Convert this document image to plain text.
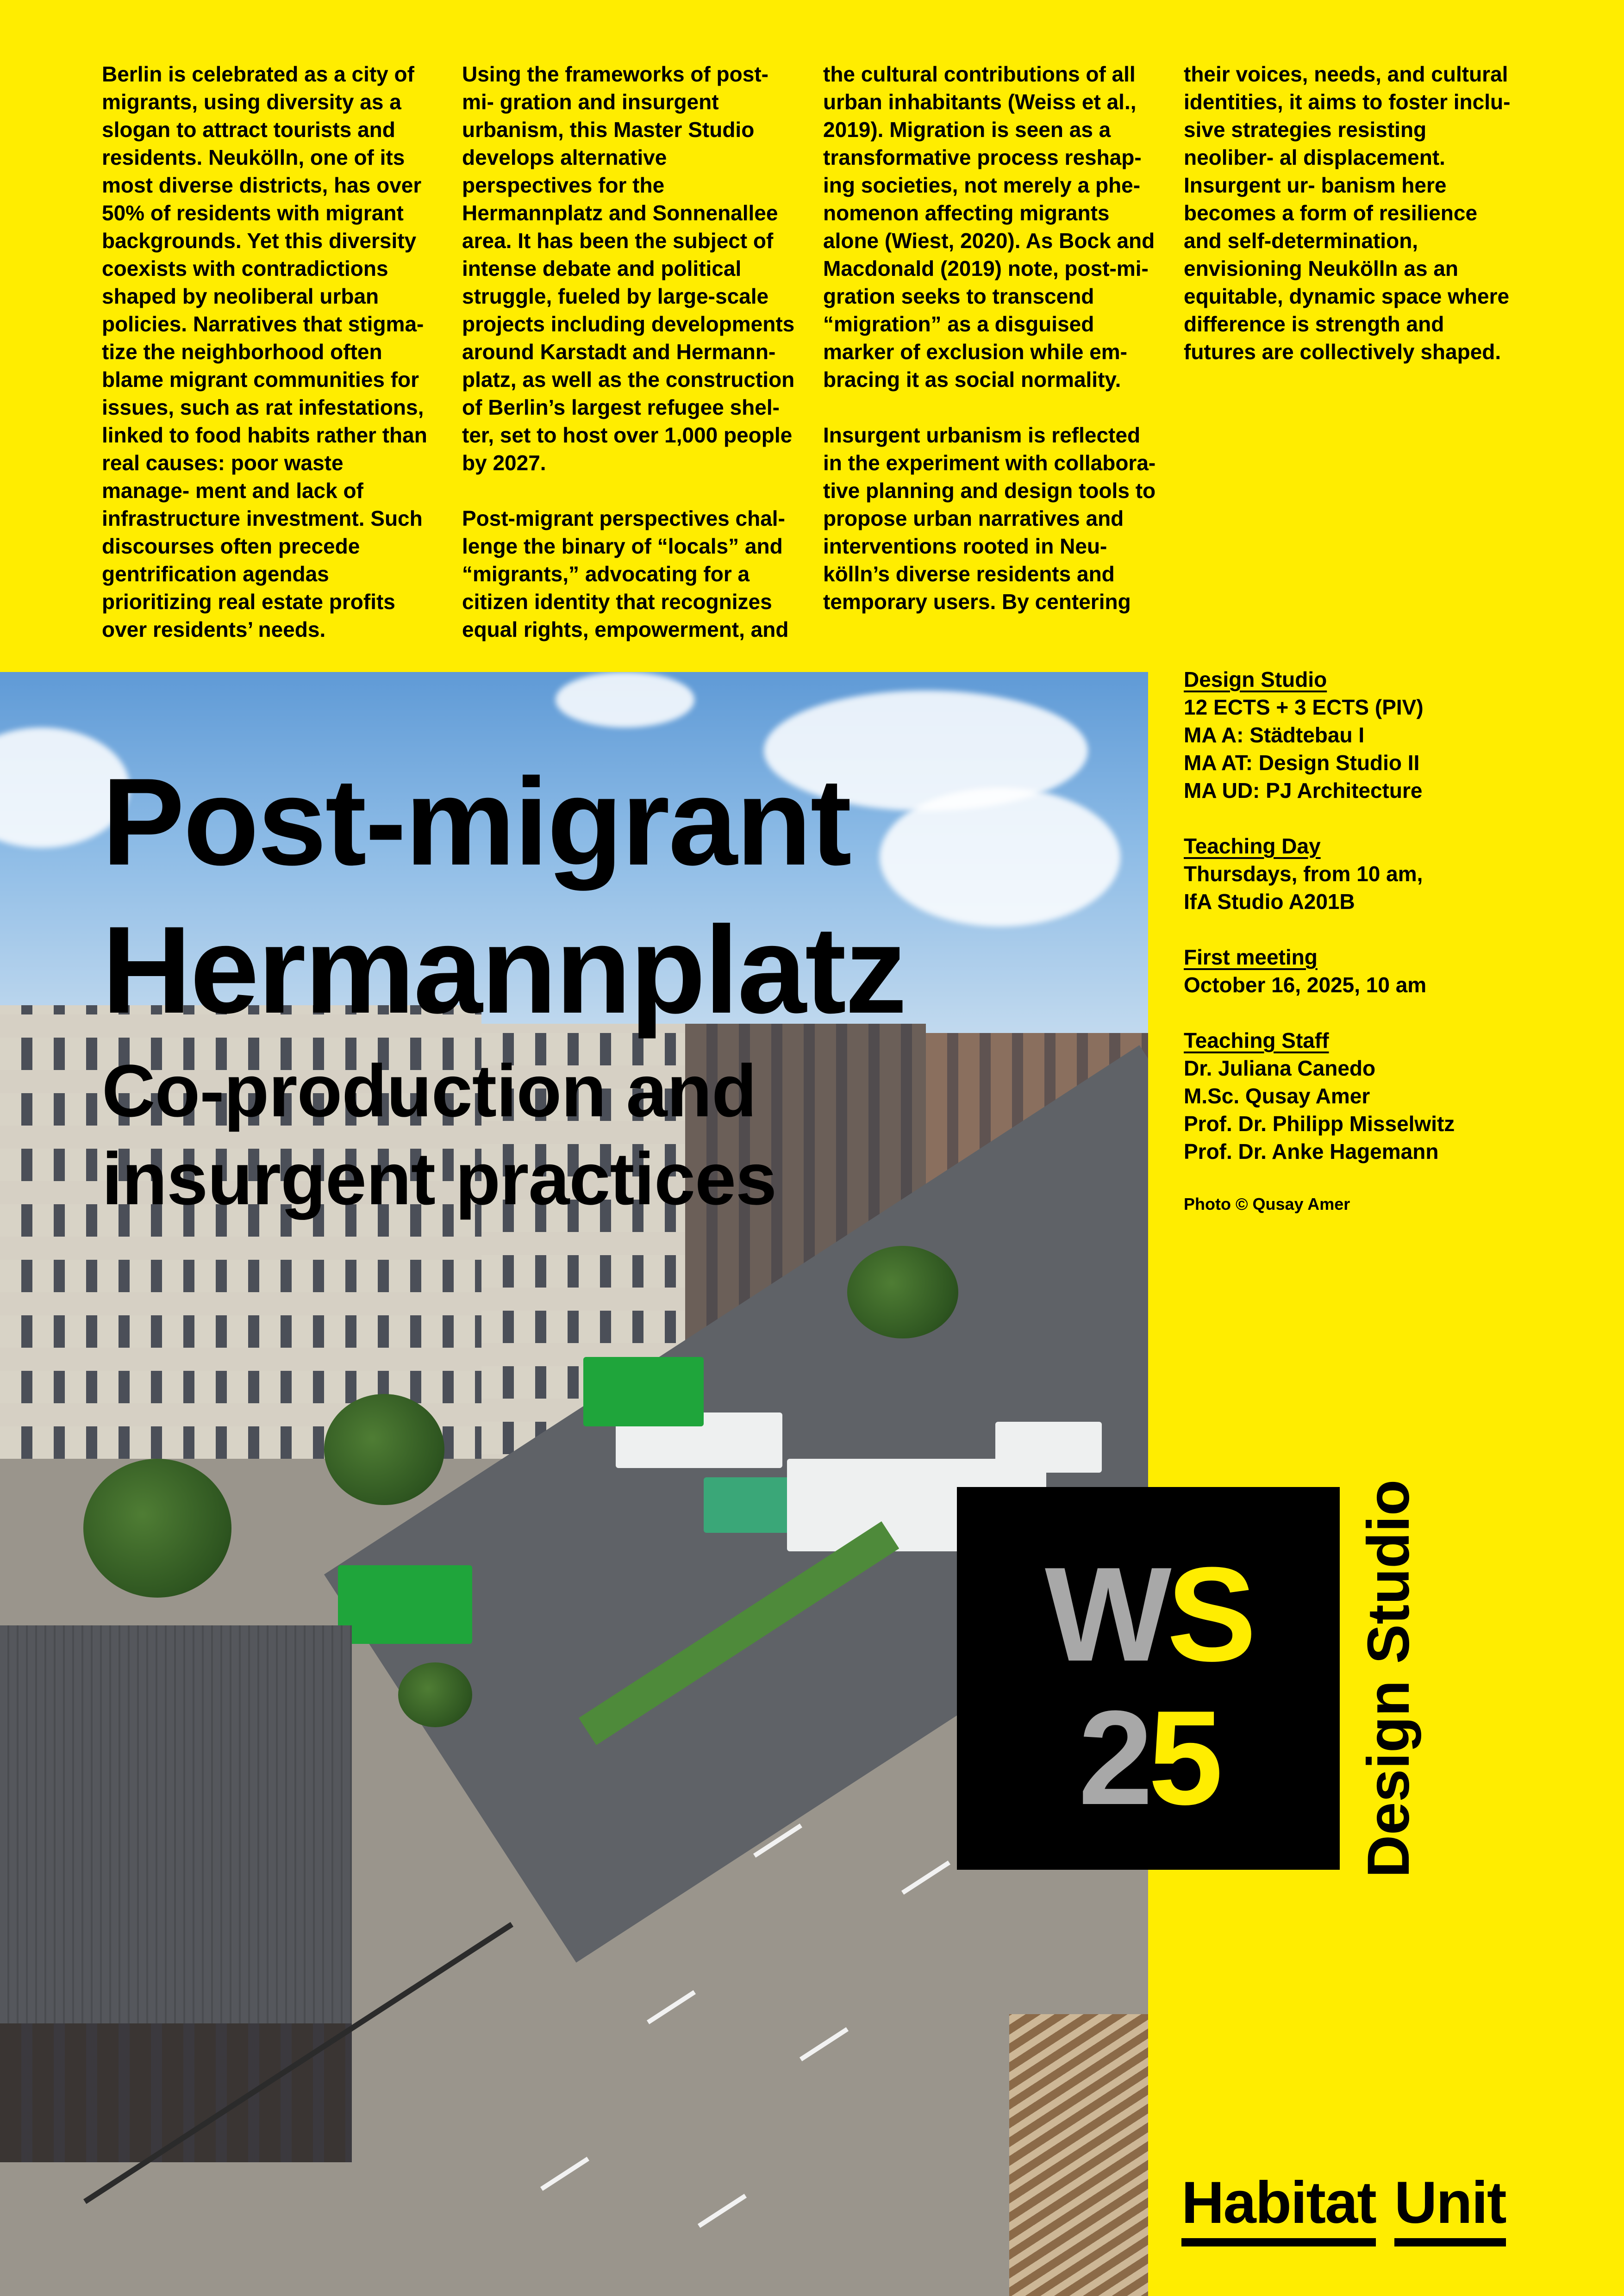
Berlin is celebrated as a city of migrants, using diversity as a slogan to attract tourists and residents. Neukölln, one of its most diverse districts, has over 50% of residents with migrant backgrounds. Yet this diversity coexists with contradictions shaped by neoliberal urban policies. Narratives that stigma- tize the neighborhood often blame migrant communities for issues, such as rat infestations, linked to food habits rather than real causes: poor waste manage- ment and lack of infrastructure investment. Such discourses often precede gentrification agendas prioritizing real estate profits over residents’ needs.

Using the frameworks of post-mi- gration and insurgent urbanism, this Master Studio develops alternative perspectives for the Hermannplatz and Sonnenallee area. It has been the subject of intense debate and political struggle, fueled by large-scale projects including developments around Karstadt and Hermann- platz, as well as the construction of Berlin’s largest refugee shel- ter, set to host over 1,000 people by 2027.

Post-migrant perspectives chal- lenge the binary of “locals” and “migrants,” advocating for a citizen identity that recognizes equal rights, empowerment, and

the cultural contributions of all urban inhabitants (Weiss et al., 2019). Migration is seen as a transformative process reshap- ing societies, not merely a phe- nomenon affecting migrants alone (Wiest, 2020). As Bock and Macdonald (2019) note, post-mi- gration seeks to transcend “migration” as a disguised marker of exclusion while em- bracing it as social normality.

Insurgent urbanism is reflected in the experiment with collabora- tive planning and design tools to propose urban narratives and interventions rooted in Neu- kölln’s diverse residents and temporary users. By centering

their voices, needs, and cultural identities, it aims to foster inclu- sive strategies resisting neoliber- al displacement. Insurgent ur- banism here becomes a form of resilience and self-determination, envisioning Neukölln as an equitable, dynamic space where difference is strength and futures are collectively shaped.

Post-migrant
Hermannplatz
Co-production and
insurgent practices
Design Studio
12 ECTS + 3 ECTS (PIV)
MA A: Städtebau I
MA AT: Design Studio II
MA UD: PJ Architecture
Teaching Day
Thursdays, from 10 am,
IfA Studio A201B
First meeting
October 16, 2025, 10 am
Teaching Staff
Dr. Juliana Canedo
M.Sc. Qusay Amer
Prof. Dr. Philipp Misselwitz
Prof. Dr. Anke Hagemann
Photo © Qusay Amer
WS
25	Design Studio
Habitat Unit
